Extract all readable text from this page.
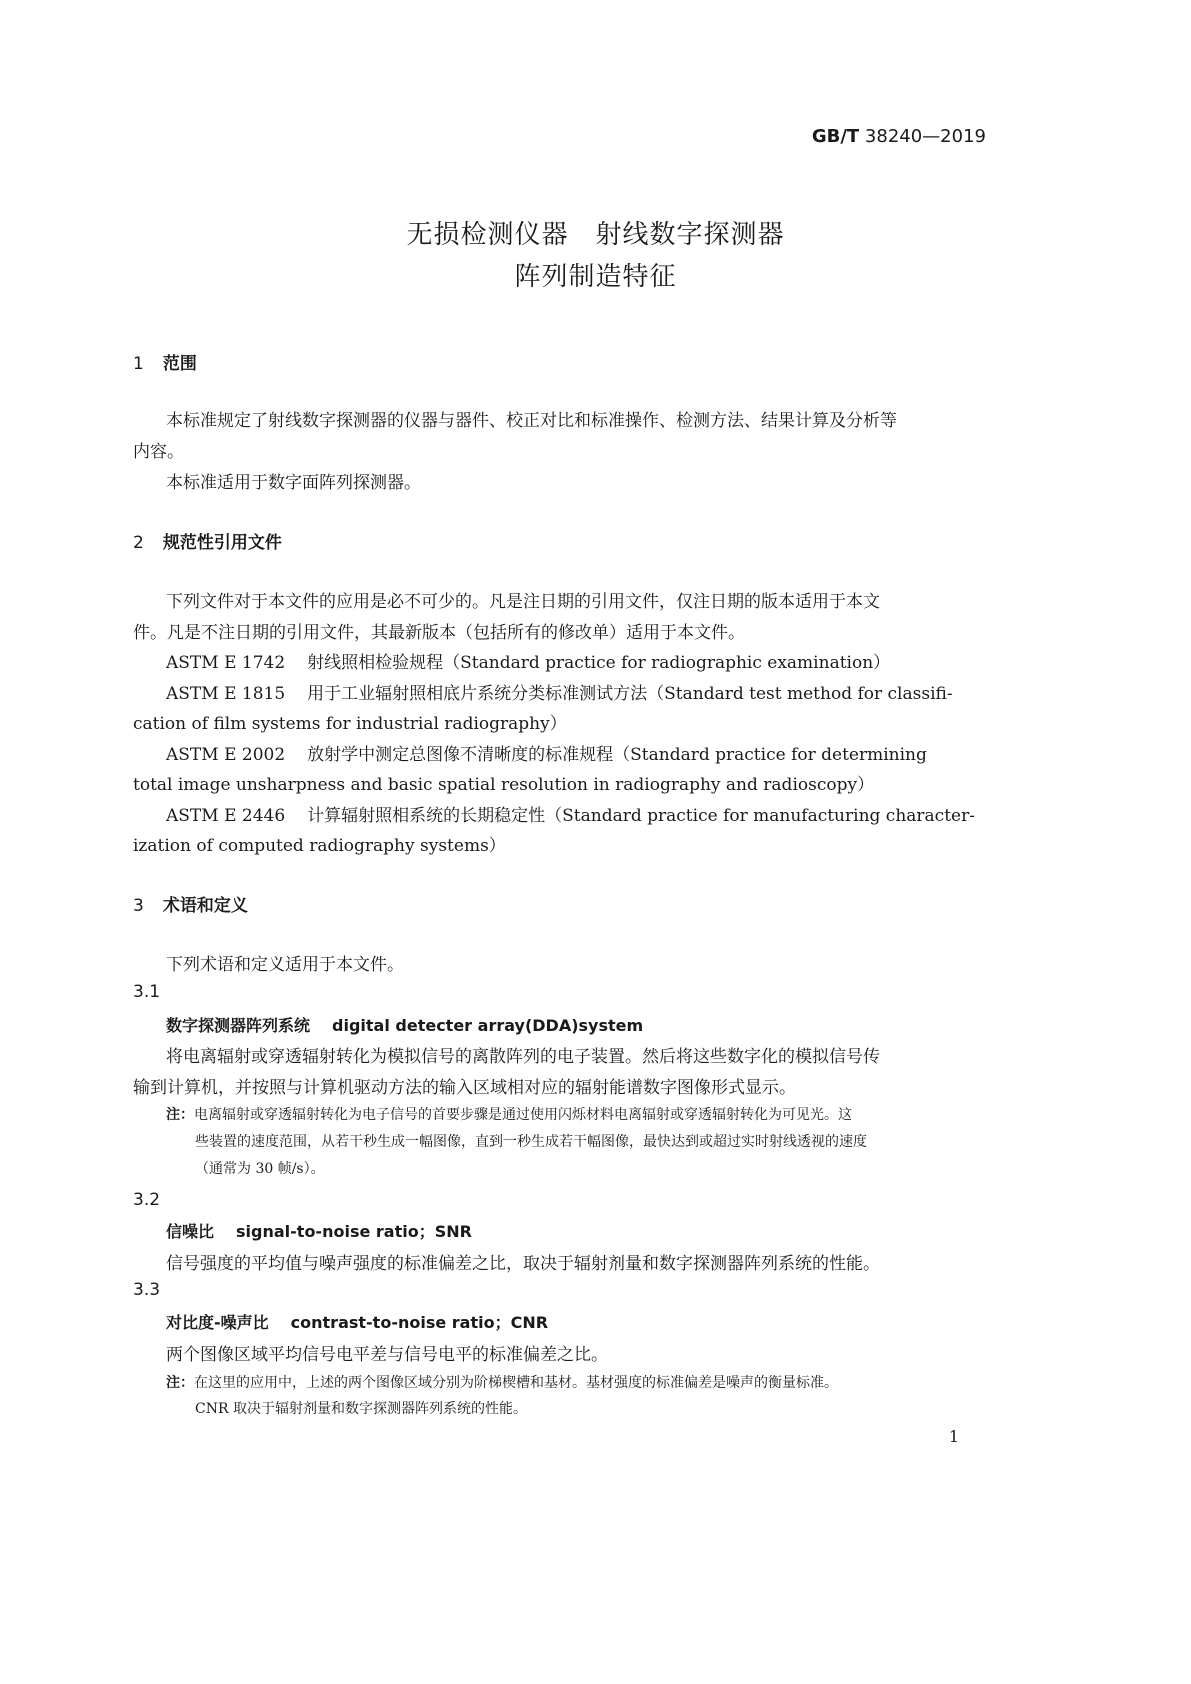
GB/T 38240—2019
无损检测仪器　射线数字探测器
阵列制造特征
1 范围
本标准规定了射线数字探测器的仪器与器件、校正对比和标准操作、检测方法、结果计算及分析等
内容。
本标准适用于数字面阵列探测器。
2 规范性引用文件
下列文件对于本文件的应用是必不可少的。凡是注日期的引用文件，仅注日期的版本适用于本文
件。凡是不注日期的引用文件，其最新版本（包括所有的修改单）适用于本文件。
ASTM E 1742 射线照相检验规程（Standard practice for radiographic examination）
ASTM E 1815 用于工业辐射照相底片系统分类标准测试方法（Standard test method for classifi-
cation of film systems for industrial radiography）
ASTM E 2002 放射学中测定总图像不清晰度的标准规程（Standard practice for determining
total image unsharpness and basic spatial resolution in radiography and radioscopy）
ASTM E 2446 计算辐射照相系统的长期稳定性（Standard practice for manufacturing character-
ization of computed radiography systems）
3 术语和定义
下列术语和定义适用于本文件。
3.1
数字探测器阵列系统 digital detecter array(DDA)system
将电离辐射或穿透辐射转化为模拟信号的离散阵列的电子装置。然后将这些数字化的模拟信号传
输到计算机，并按照与计算机驱动方法的输入区域相对应的辐射能谱数字图像形式显示。
注：电离辐射或穿透辐射转化为电子信号的首要步骤是通过使用闪烁材料电离辐射或穿透辐射转化为可见光。这
些装置的速度范围，从若干秒生成一幅图像，直到一秒生成若干幅图像，最快达到或超过实时射线透视的速度
（通常为 30 帧/s）。
3.2
信噪比 signal-to-noise ratio；SNR
信号强度的平均值与噪声强度的标准偏差之比，取决于辐射剂量和数字探测器阵列系统的性能。
3.3
对比度-噪声比 contrast-to-noise ratio；CNR
两个图像区域平均信号电平差与信号电平的标准偏差之比。
注：在这里的应用中，上述的两个图像区域分别为阶梯楔槽和基材。基材强度的标准偏差是噪声的衡量标准。
CNR 取决于辐射剂量和数字探测器阵列系统的性能。
1
